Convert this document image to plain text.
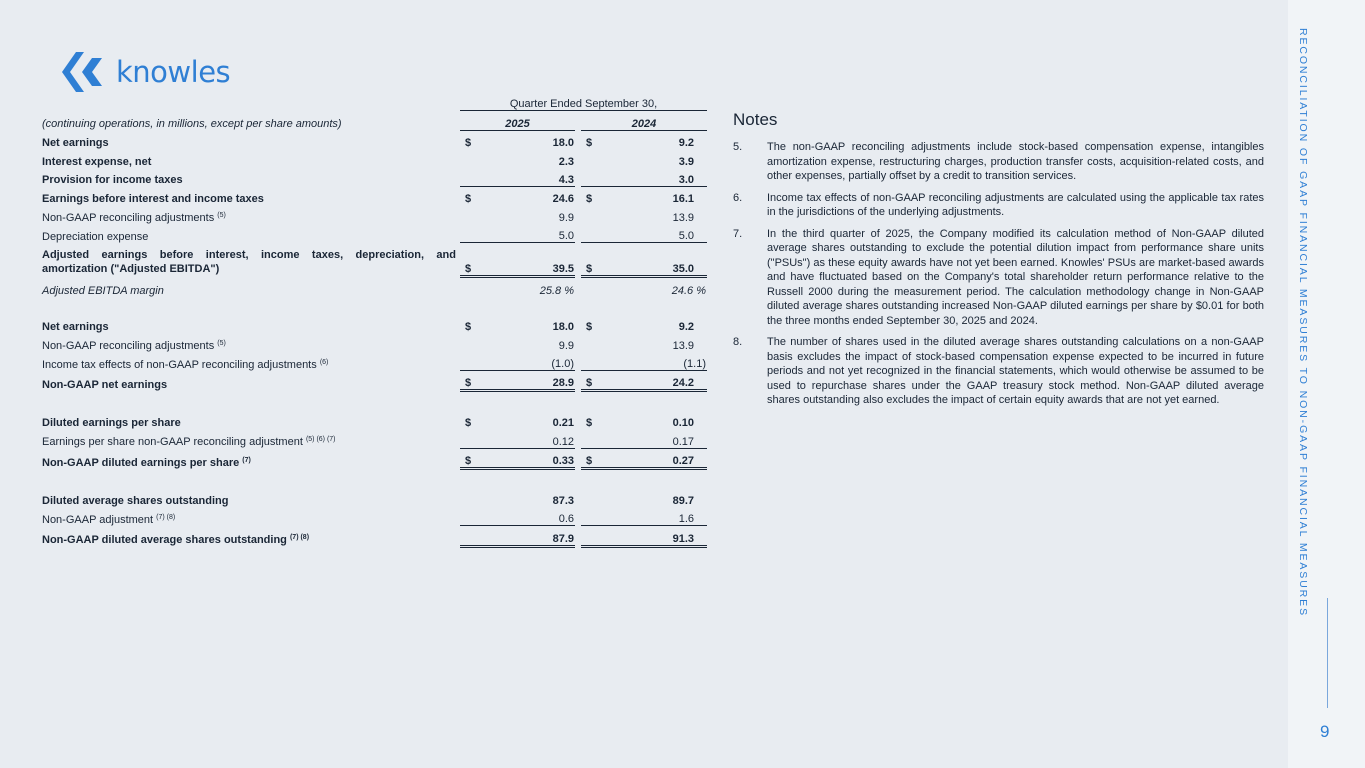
knowles
		Quarter Ended September 30,				
(continuing operations, in millions, except per share amounts)		2025			2024	
Net earnings		$	18.0		$	9.2
Interest expense, net			2.3			3.9
Provision for income taxes			4.3			3.0
Earnings before interest and income taxes		$	24.6		$	16.1
Non-GAAP reconciling adjustments $^{(5)}$			9.9			13.9
Depreciation expense			5.0			5.0
Adjusted earnings before interest, income taxes, depreciation, and
amortization ("Adjusted EBITDA")		$	39.5		$	35.0
Adjusted EBITDA margin			25.8 %			24.6 %

Net earnings		$	18.0		$	9.2
Non-GAAP reconciling adjustments $^{(5)}$			9.9			13.9
Income tax effects of non-GAAP reconciling adjustments $^{(6)}$			(1.0)			(1.1)
Non-GAAP net earnings		$	28.9		$	24.2

Diluted earnings per share		$	0.21		$	0.10
Earnings per share non-GAAP reconciling adjustment $^{(5) (6) (7)}$			0.12			0.17
Non-GAAP diluted earnings per share $^{(7)}$		$	0.33		$	0.27

Diluted average shares outstanding			87.3			89.7
Non-GAAP adjustment $^{(7) (8)}$			0.6			1.6
Non-GAAP diluted average shares outstanding $^{(7) (8)}$			87.9			91.3
Notes
5.	The non-GAAP reconciling adjustments include stock-based compensation expense, intangibles amortization expense, restructuring charges, production transfer costs, acquisition-related costs, and other expenses, partially offset by a credit to transition services.
6.	Income tax effects of non-GAAP reconciling adjustments are calculated using the applicable tax rates in the jurisdictions of the underlying adjustments.
7.	In the third quarter of 2025, the Company modified its calculation method of Non-GAAP diluted average shares outstanding to exclude the potential dilution impact from performance share units ("PSUs") as these equity awards have not yet been earned. Knowles' PSUs are market-based awards and have fluctuated based on the Company's total shareholder return performance relative to the Russell 2000 during the measurement period. The calculation methodology change in Non-GAAP diluted average shares outstanding increased Non-GAAP diluted earnings per share by $0.01 for both the three months ended September 30, 2025 and 2024.
8.	The number of shares used in the diluted average shares outstanding calculations on a non-GAAP basis excludes the impact of stock-based compensation expense expected to be incurred in future periods and not yet recognized in the financial statements, which would otherwise be assumed to be used to repurchase shares under the GAAP treasury stock method. Non-GAAP diluted average shares outstanding also excludes the impact of certain equity awards that are not yet earned.	RECONCILIATION OF GAAP FINANCIAL MEASURES TO NON-GAAP FINANCIAL MEASURES
9
